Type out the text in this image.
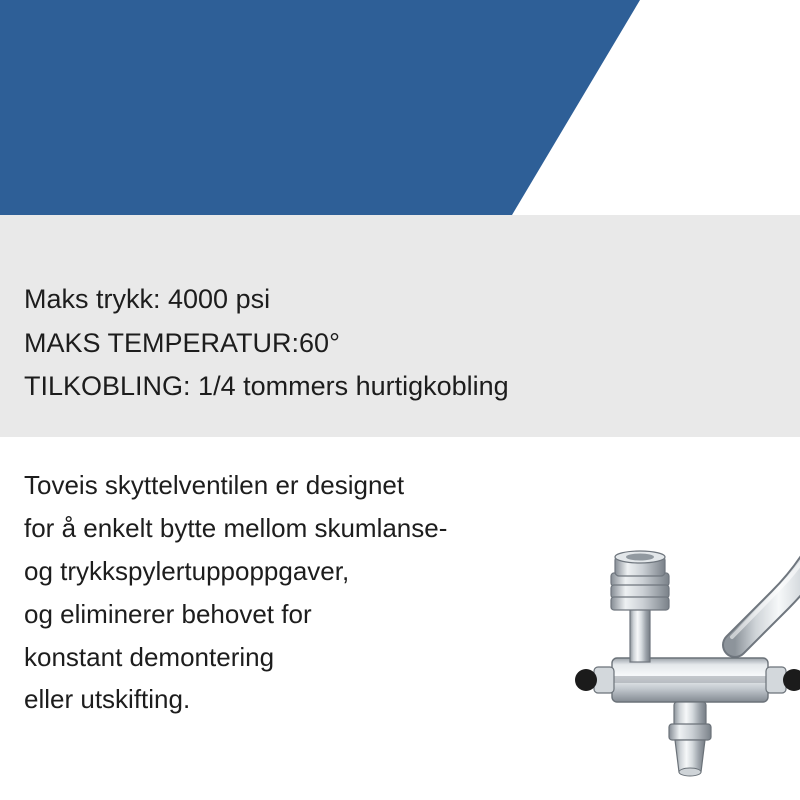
Maks trykk: 4000 psi
MAKS TEMPERATUR:60°
TILKOBLING: 1/4 tommers hurtigkobling
Toveis skyttelventilen er designet
for å enkelt bytte mellom skumlanse-
og trykkspylertuppoppgaver,
og eliminerer behovet for
konstant demontering
eller utskifting.
